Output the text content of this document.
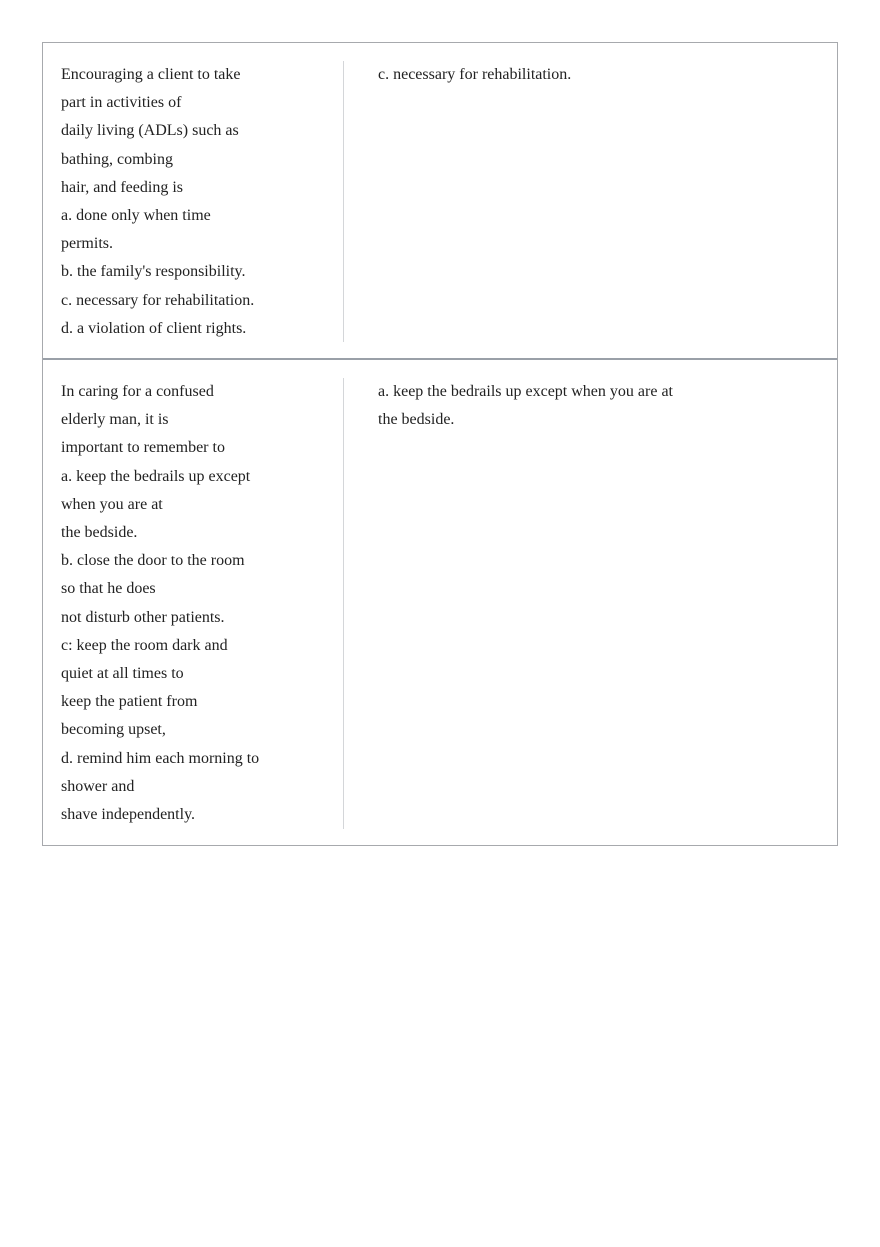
Encouraging a client to take
part in activities of
daily living (ADLs) such as
bathing, combing
hair, and feeding is
a. done only when time
permits.
b. the family's responsibility.
c. necessary for rehabilitation.
d. a violation of client rights.
c. necessary for rehabilitation.
In caring for a confused
elderly man, it is
important to remember to
a. keep the bedrails up except
when you are at
the bedside.
b. close the door to the room
so that he does
not disturb other patients.
c: keep the room dark and
quiet at all times to
keep the patient from
becoming upset,
d. remind him each morning to
shower and
shave independently.
a. keep the bedrails up except when you are at
the bedside.
